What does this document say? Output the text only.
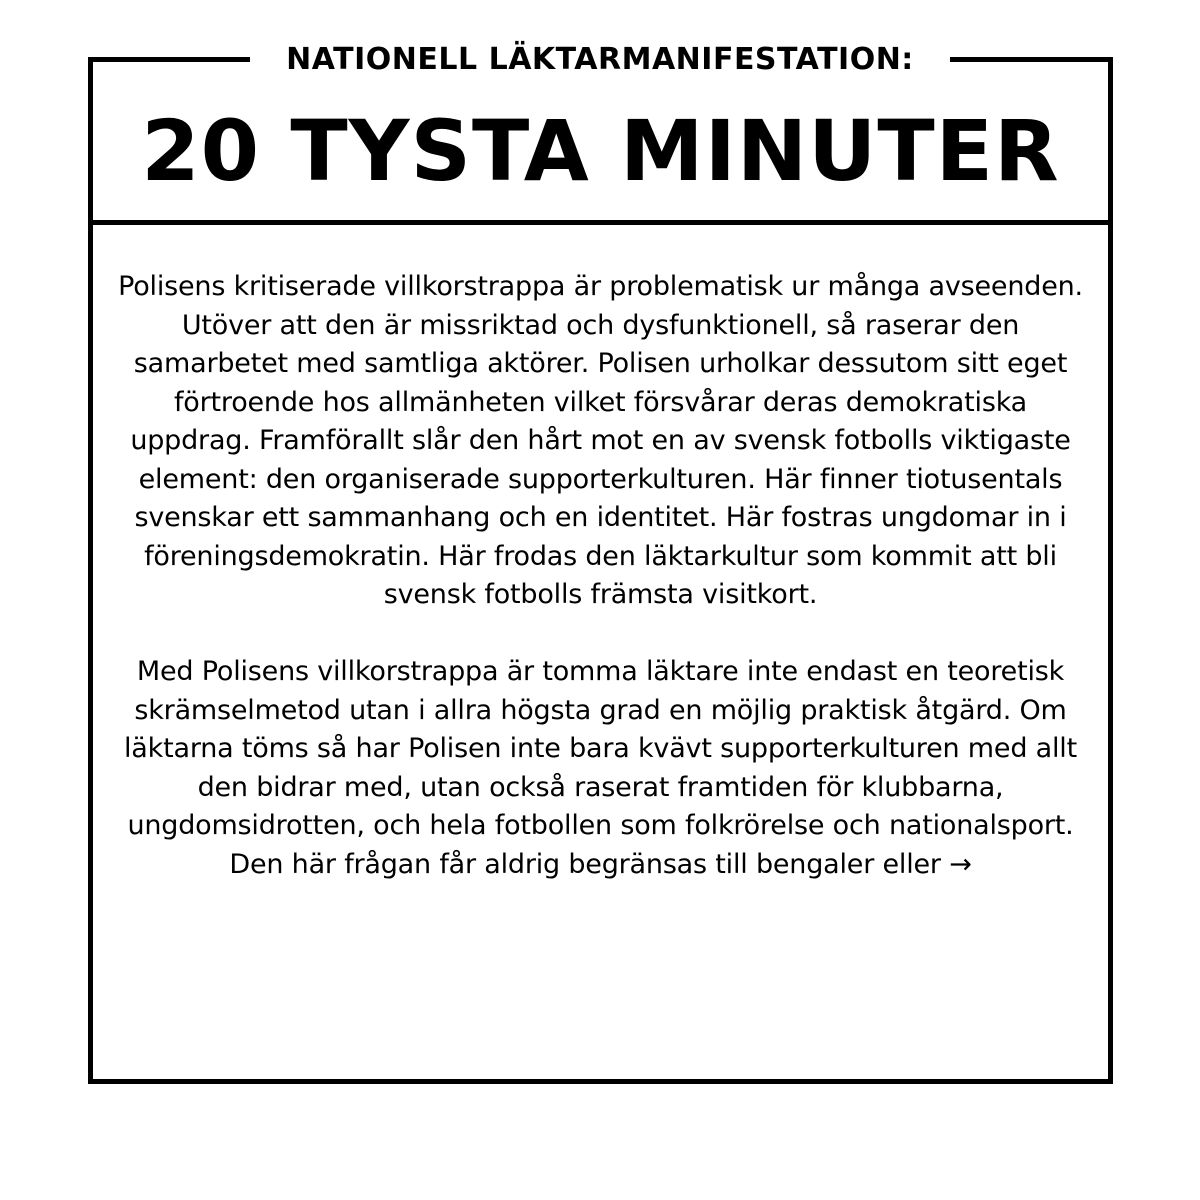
NATIONELL LÄKTARMANIFESTATION:
20 TYSTA MINUTER

Polisens kritiserade villkorstrappa är problematisk ur många avseenden. Utöver att den är missriktad och dysfunktionell, så raserar den samarbetet med samtliga aktörer. Polisen urholkar dessutom sitt eget förtroende hos allmänheten vilket försvårar deras demokratiska uppdrag. Framförallt slår den hårt mot en av svensk fotbolls viktigaste element: den organiserade supporterkulturen. Här finner tiotusentals svenskar ett sammanhang och en identitet. Här fostras ungdomar in i föreningsdemokratin. Här frodas den läktarkultur som kommit att bli svensk fotbolls främsta visitkort.

Med Polisens villkorstrappa är tomma läktare inte endast en teoretisk skrämselmetod utan i allra högsta grad en möjlig praktisk åtgärd. Om läktarna töms så har Polisen inte bara kvävt supporterkulturen med allt den bidrar med, utan också raserat framtiden för klubbarna, ungdomsidrotten, och hela fotbollen som folkrörelse och nationalsport. Den här frågan får aldrig begränsas till bengaler eller →
